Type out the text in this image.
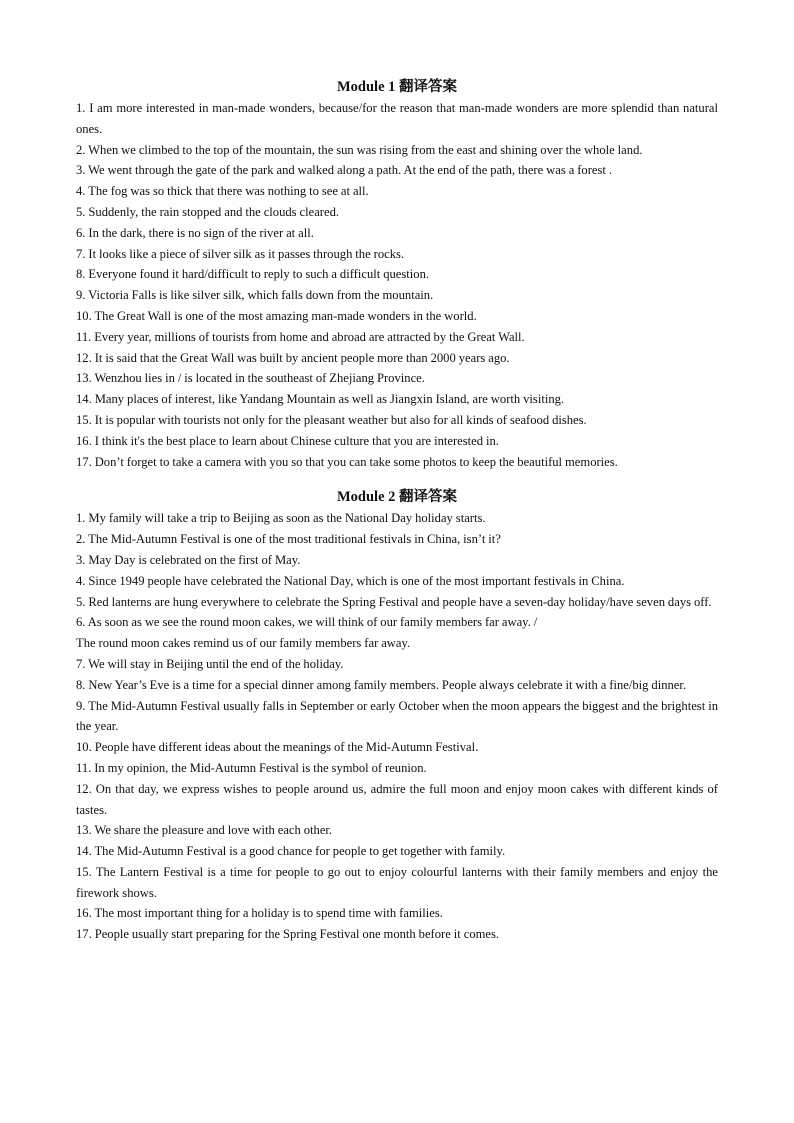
Module 1 翻译答案
1. I am more interested in man-made wonders, because/for the reason that man-made wonders are more splendid than natural ones.
2. When we climbed to the top of the mountain, the sun was rising from the east and shining over the whole land.
3. We went through the gate of the park and walked along a path. At the end of the path, there was a forest .
4. The fog was so thick that there was nothing to see at all.
5. Suddenly, the rain stopped and the clouds cleared.
6. In the dark, there is no sign of the river at all.
7. It looks like a piece of silver silk as it passes through the rocks.
8. Everyone found it hard/difficult to reply to such a difficult question.
9. Victoria Falls is like silver silk, which falls down from the mountain.
10. The Great Wall is one of the most amazing man-made wonders in the world.
11. Every year, millions of tourists from home and abroad are attracted by the Great Wall.
12. It is said that the Great Wall was built by ancient people more than 2000 years ago.
13. Wenzhou lies in / is located in the southeast of Zhejiang Province.
14. Many places of interest, like Yandang Mountain as well as Jiangxin Island, are worth visiting.
15. It is popular with tourists not only for the pleasant weather but also for all kinds of seafood dishes.
16. I think it's the best place to learn about Chinese culture that you are interested in.
17. Don’t forget to take a camera with you so that you can take some photos to keep the beautiful memories.
Module 2 翻译答案
1. My family will take a trip to Beijing as soon as the National Day holiday starts.
2. The Mid-Autumn Festival is one of the most traditional festivals in China, isn’t it?
3. May Day is celebrated on the first of May.
4. Since 1949 people have celebrated the National Day, which is one of the most important festivals in China.
5. Red lanterns are hung everywhere to celebrate the Spring Festival and people have a seven-day holiday/have seven days off.
6. As soon as we see the round moon cakes, we will think of our family members far away. /
The round moon cakes remind us of our family members far away.
7. We will stay in Beijing until the end of the holiday.
8. New Year’s Eve is a time for a special dinner among family members. People always celebrate it with a fine/big dinner.
9. The Mid-Autumn Festival usually falls in September or early October when the moon appears the biggest and the brightest in the year.
10. People have different ideas about the meanings of the Mid-Autumn Festival.
11. In my opinion, the Mid-Autumn Festival is the symbol of reunion.
12. On that day, we express wishes to people around us, admire the full moon and enjoy moon cakes with different kinds of tastes.
13. We share the pleasure and love with each other.
14. The Mid-Autumn Festival is a good chance for people to get together with family.
15. The Lantern Festival is a time for people to go out to enjoy colourful lanterns with their family members and enjoy the firework shows.
16. The most important thing for a holiday is to spend time with families.
17. People usually start preparing for the Spring Festival one month before it comes.
